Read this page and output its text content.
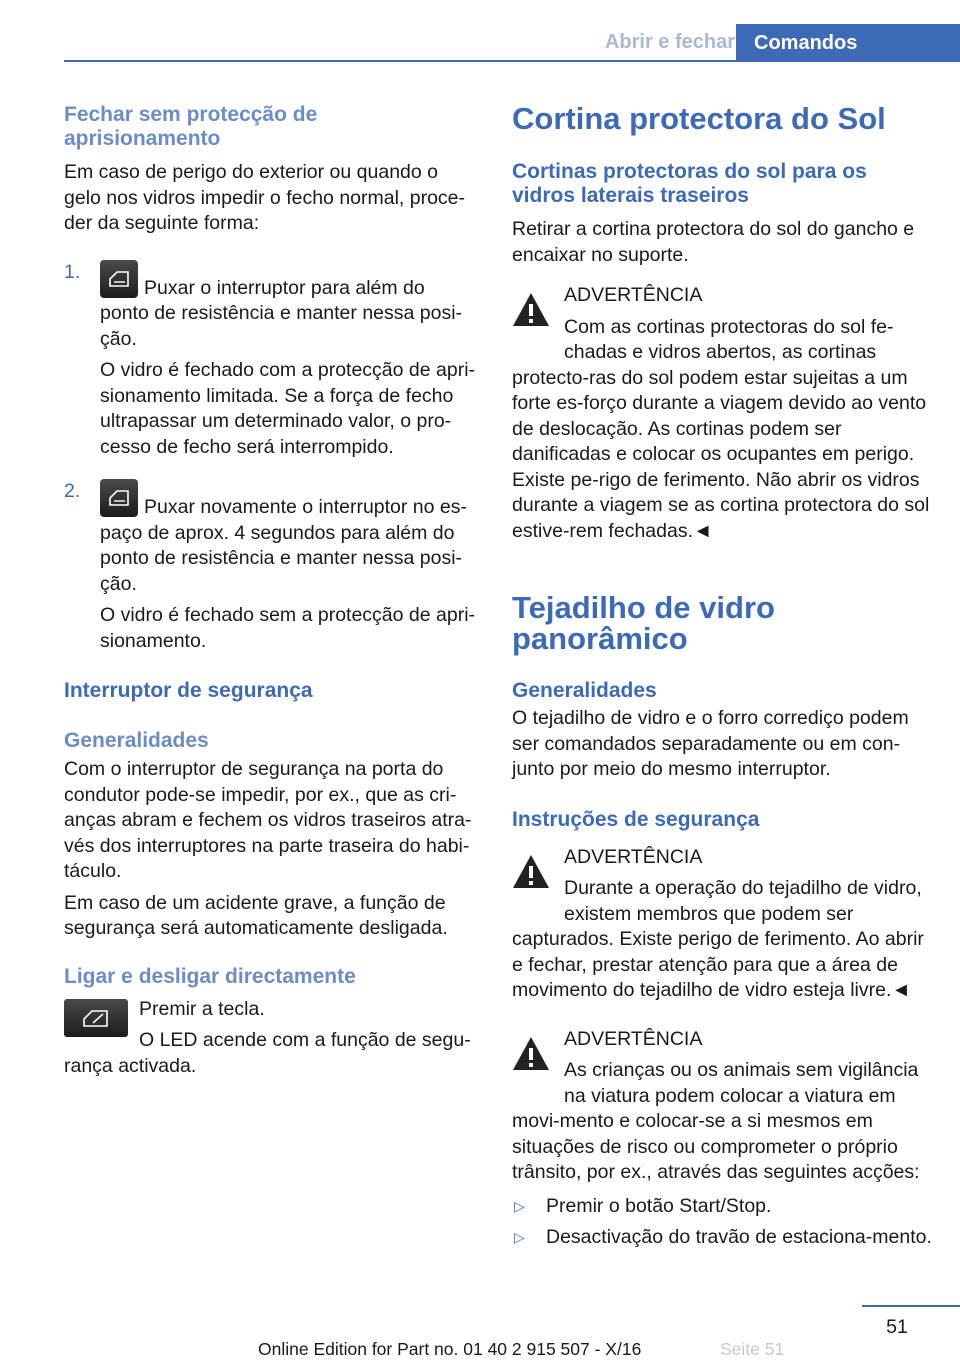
Abrir e fechar Comandos
Fechar sem protecção de aprisionamento

Em caso de perigo do exterior ou quando o gelo nos vidros impedir o fecho normal, proce-der da seguinte forma:

1.

Puxar o interruptor para além do ponto de resistência e manter nessa posi-ção.

O vidro é fechado com a protecção de apri-sionamento limitada. Se a força de fecho ultrapassar um determinado valor, o pro-cesso de fecho será interrompido.

2.

Puxar novamente o interruptor no es-paço de aprox. 4 segundos para além do ponto de resistência e manter nessa posi-ção.

O vidro é fechado sem a protecção de apri-sionamento.

Interruptor de segurança
Generalidades

Com o interruptor de segurança na porta do condutor pode-se impedir, por ex., que as cri-anças abram e fechem os vidros traseiros atra-vés dos interruptores na parte traseira do habi-táculo.

Em caso de um acidente grave, a função de segurança será automaticamente desligada.

Ligar e desligar directamente

Premir a tecla.

O LED acende com a função de segu-rança activada.

Cortina protectora do Sol
Cortinas protectoras do sol para os vidros laterais traseiros

Retirar a cortina protectora do sol do gancho e encaixar no suporte.

ADVERTÊNCIA

Com as cortinas protectoras do sol fe-chadas e vidros abertos, as cortinas protecto-ras do sol podem estar sujeitas a um forte es-forço durante a viagem devido ao vento de deslocação. As cortinas podem ser danificadas e colocar os ocupantes em perigo. Existe pe-rigo de ferimento. Não abrir os vidros durante a viagem se as cortina protectora do sol estive-rem fechadas.◄

Tejadilho de vidro panorâmico
Generalidades

O tejadilho de vidro e o forro corrediço podem ser comandados separadamente ou em con-junto por meio do mesmo interruptor.

Instruções de segurança

ADVERTÊNCIA

Durante a operação do tejadilho de vidro, existem membros que podem ser capturados. Existe perigo de ferimento. Ao abrir e fechar, prestar atenção para que a área de movimento do tejadilho de vidro esteja livre.◄

ADVERTÊNCIA

As crianças ou os animais sem vigilância na viatura podem colocar a viatura em movi-mento e colocar-se a si mesmos em situações de risco ou comprometer o próprio trânsito, por ex., através das seguintes acções:

▷ Premir o botão Start/Stop.

▷ Desactivação do travão de estaciona-mento.

51
Online Edition for Part no. 01 40 2 915 507 - X/16	Seite 51
